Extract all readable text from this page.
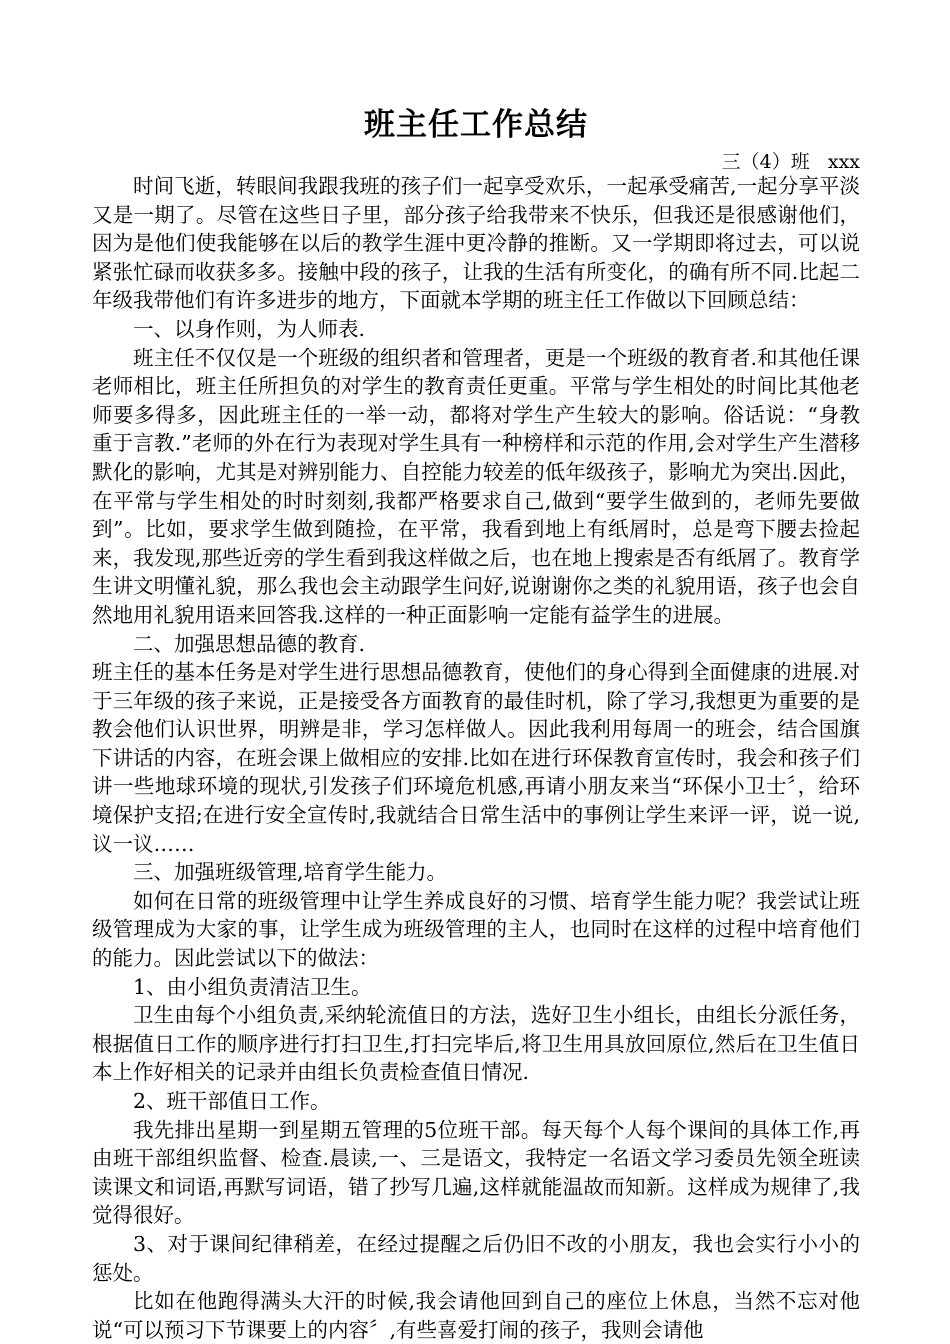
班主任工作总结
三（4）班   xxx

时间飞逝，转眼间我跟我班的孩子们一起享受欢乐，一起承受痛苦,一起分享平淡又是一期了。尽管在这些日子里，部分孩子给我带来不快乐，但我还是很感谢他们，因为是他们使我能够在以后的教学生涯中更冷静的推断。又一学期即将过去，可以说紧张忙碌而收获多多。接触中段的孩子，让我的生活有所变化，的确有所不同.比起二年级我带他们有许多进步的地方，下面就本学期的班主任工作做以下回顾总结：

一、以身作则，为人师表.

班主任不仅仅是一个班级的组织者和管理者，更是一个班级的教育者.和其他任课老师相比，班主任所担负的对学生的教育责任更重。平常与学生相处的时间比其他老师要多得多，因此班主任的一举一动，都将对学生产生较大的影响。俗话说：“身教重于言教.”老师的外在行为表现对学生具有一种榜样和示范的作用,会对学生产生潜移默化的影响，尤其是对辨别能力、自控能力较差的低年级孩子，影响尤为突出.因此，在平常与学生相处的时时刻刻,我都严格要求自己,做到“要学生做到的，老师先要做到”。比如，要求学生做到随捡，在平常，我看到地上有纸屑时，总是弯下腰去捡起来，我发现,那些近旁的学生看到我这样做之后，也在地上搜索是否有纸屑了。教育学生讲文明懂礼貌，那么我也会主动跟学生问好,说谢谢你之类的礼貌用语，孩子也会自然地用礼貌用语来回答我.这样的一种正面影响一定能有益学生的进展。

二、加强思想品德的教育.

班主任的基本任务是对学生进行思想品德教育，使他们的身心得到全面健康的进展.对于三年级的孩子来说，正是接受各方面教育的最佳时机，除了学习,我想更为重要的是教会他们认识世界，明辨是非，学习怎样做人。因此我利用每周一的班会，结合国旗下讲话的内容，在班会课上做相应的安排.比如在进行环保教育宣传时，我会和孩子们讲一些地球环境的现状,引发孩子们环境危机感,再请小朋友来当“环保小卫士〞，给环境保护支招;在进行安全宣传时,我就结合日常生活中的事例让学生来评一评，说一说,议一议……

三、加强班级管理,培育学生能力。

如何在日常的班级管理中让学生养成良好的习惯、培育学生能力呢？我尝试让班级管理成为大家的事，让学生成为班级管理的主人，也同时在这样的过程中培育他们的能力。因此尝试以下的做法：

1、由小组负责清洁卫生。

卫生由每个小组负责,采纳轮流值日的方法，选好卫生小组长，由组长分派任务，根据值日工作的顺序进行打扫卫生,打扫完毕后,将卫生用具放回原位,然后在卫生值日本上作好相关的记录并由组长负责检查值日情况.

2、班干部值日工作。

我先排出星期一到星期五管理的5位班干部。每天每个人每个课间的具体工作,再由班干部组织监督、检查.晨读,一、三是语文，我特定一名语文学习委员先领全班读读课文和词语,再默写词语，错了抄写几遍,这样就能温故而知新。这样成为规律了,我觉得很好。

3、对于课间纪律稍差，在经过提醒之后仍旧不改的小朋友，我也会实行小小的惩处。

比如在他跑得满头大汗的时候,我会请他回到自己的座位上休息，当然不忘对他说“可以预习下节课要上的内容〞,有些喜爱打闹的孩子，我则会请他
